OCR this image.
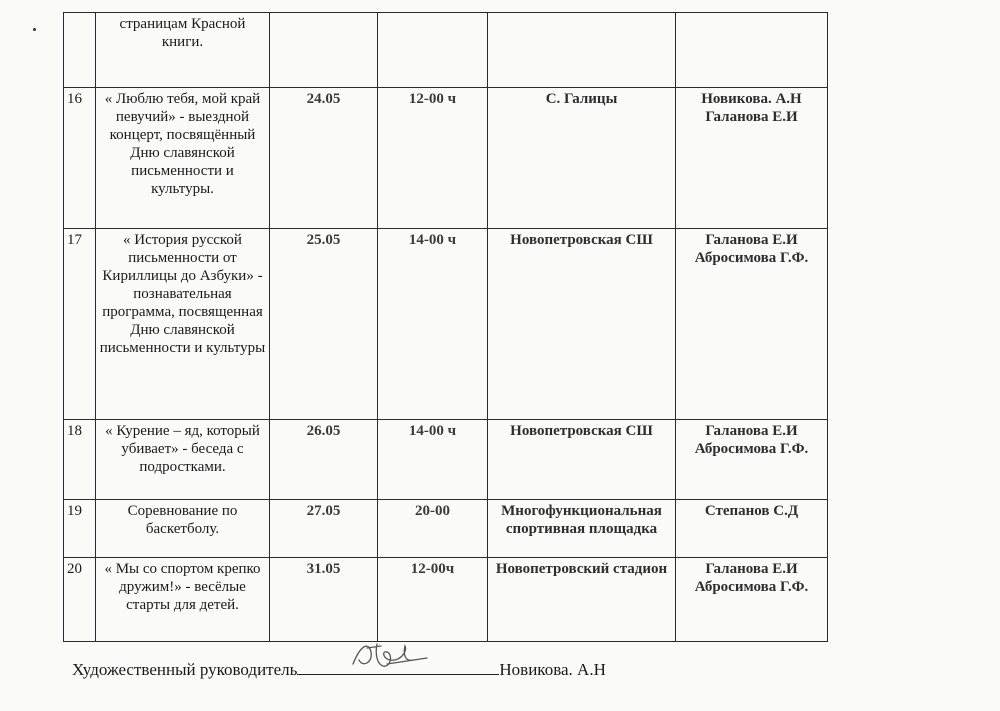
	страницам Красной книги.				
16	« Люблю тебя, мой край певучий» - выездной концерт, посвящённый Дню славянской письменности и культуры.	24.05	12-00 ч	С. Галицы	Новикова. А.Н Галанова Е.И
17	« История русской письменности от Кириллицы до Азбуки» - познавательная программа, посвященная Дню славянской письменности и культуры	25.05	14-00 ч	Новопетровская СШ	Галанова Е.И Абросимова Г.Ф.
18	« Курение – яд, который убивает» - беседа с подростками.	26.05	14-00 ч	Новопетровская СШ	Галанова Е.И Абросимова Г.Ф.
19	Соревнование по баскетболу.	27.05	20-00	Многофункциональная спортивная площадка	Степанов С.Д
20	« Мы со спортом крепко дружим!» - весёлые старты для детей.	31.05	12-00ч	Новопетровский стадион	Галанова Е.И Абросимова Г.Ф.
Художественный руководитель	Новикова. А.Н
